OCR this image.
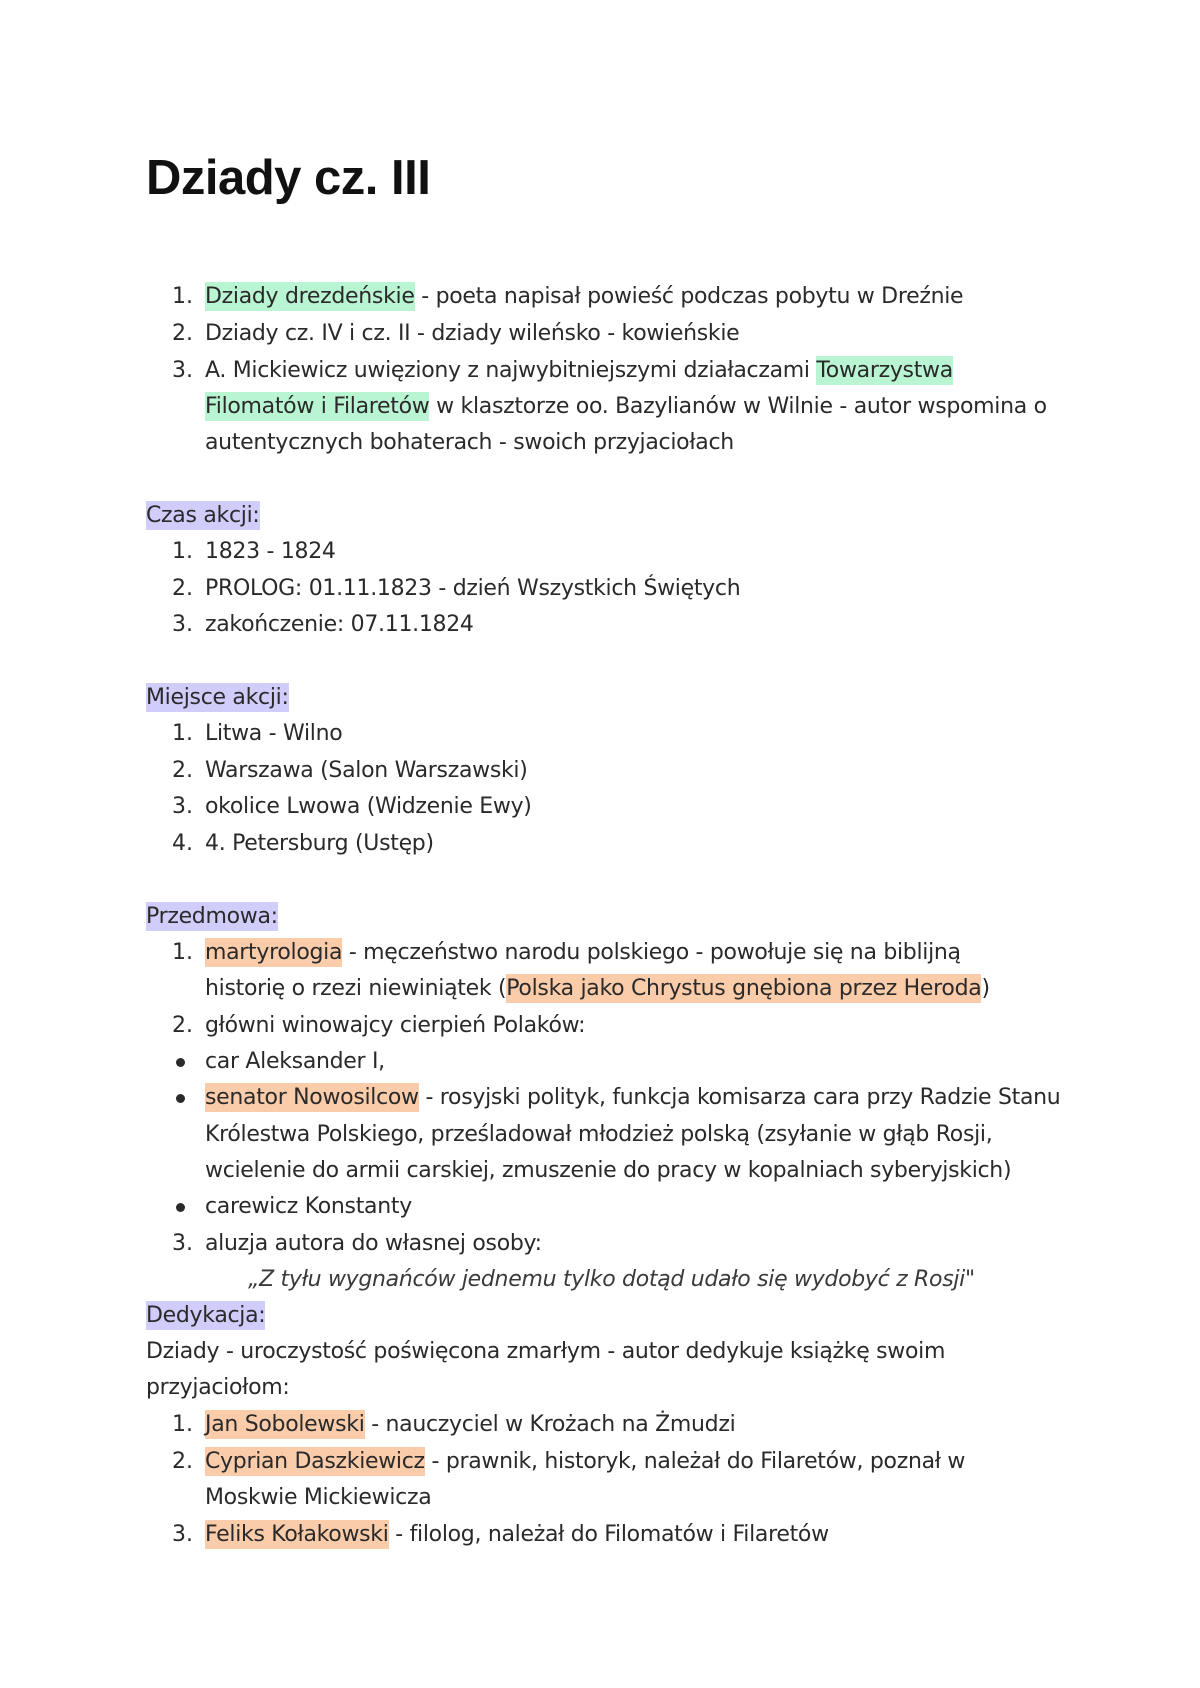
Dziady cz. III
1. Dziady drezdeńskie - poeta napisał powieść podczas pobytu w Dreźnie
2. Dziady cz. IV i cz. II - dziady wileńsko - kowieńskie
3. A. Mickiewicz uwięziony z najwybitniejszymi działaczami Towarzystwa
Filomatów i Filaretów w klasztorze oo. Bazylianów w Wilnie - autor wspomina o
autentycznych bohaterach - swoich przyjaciołach
Czas akcji:
1. 1823 - 1824
2. PROLOG: 01.11.1823 - dzień Wszystkich Świętych
3. zakończenie: 07.11.1824
Miejsce akcji:
1. Litwa - Wilno
2. Warszawa (Salon Warszawski)
3. okolice Lwowa (Widzenie Ewy)
4. 4. Petersburg (Ustęp)
Przedmowa:
1. martyrologia - męczeństwo narodu polskiego - powołuje się na biblijną
historię o rzezi niewiniątek (Polska jako Chrystus gnębiona przez Heroda)
2. główni winowajcy cierpień Polaków:
car Aleksander I,
senator Nowosilcow - rosyjski polityk, funkcja komisarza cara przy Radzie Stanu
Królestwa Polskiego, prześladował młodzież polską (zsyłanie w głąb Rosji,
wcielenie do armii carskiej, zmuszenie do pracy w kopalniach syberyjskich)
carewicz Konstanty
3. aluzja autora do własnej osoby:
„Z tyłu wygnańców jednemu tylko dotąd udało się wydobyć z Rosji"
Dedykacja:
Dziady - uroczystość poświęcona zmarłym - autor dedykuje książkę swoim
przyjaciołom:
1. Jan Sobolewski - nauczyciel w Krożach na Żmudzi
2. Cyprian Daszkiewicz - prawnik, historyk, należał do Filaretów, poznał w
Moskwie Mickiewicza
3. Feliks Kołakowski - filolog, należał do Filomatów i Filaretów
